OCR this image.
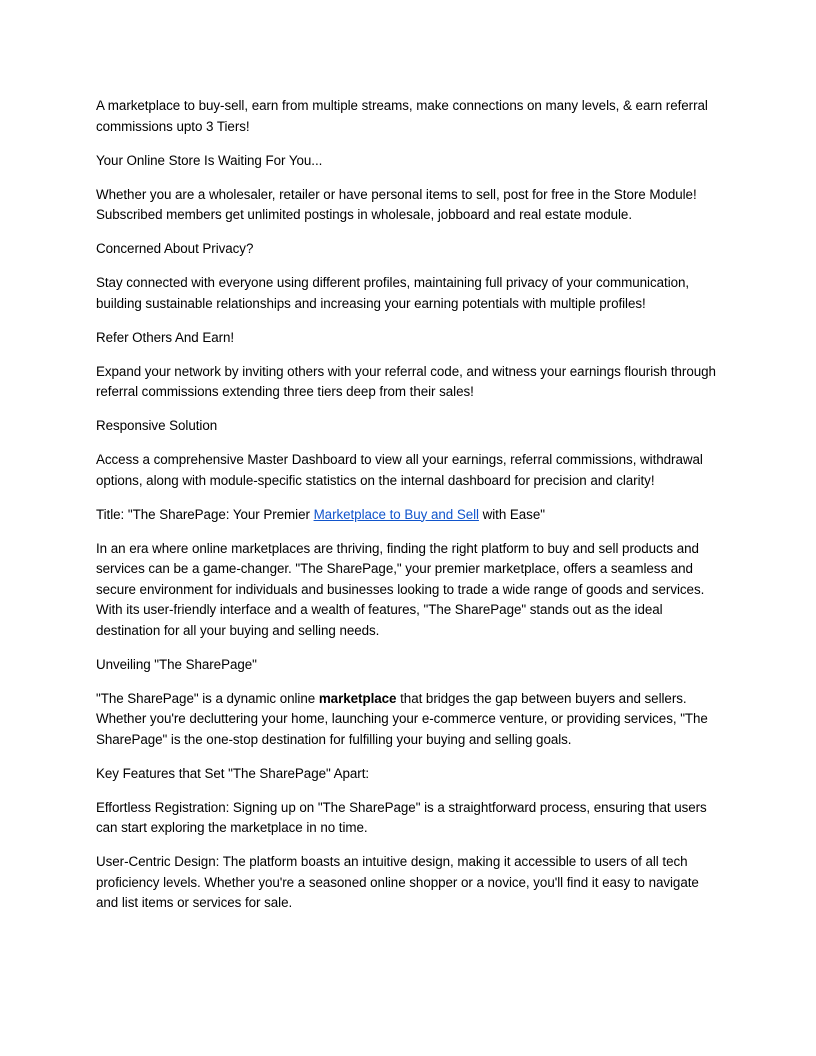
A marketplace to buy-sell, earn from multiple streams, make connections on many levels, & earn referral commissions upto 3 Tiers!

Your Online Store Is Waiting For You...

Whether you are a wholesaler, retailer or have personal items to sell, post for free in the Store Module! Subscribed members get unlimited postings in wholesale, jobboard and real estate module.

Concerned About Privacy?

Stay connected with everyone using different profiles, maintaining full privacy of your communication, building sustainable relationships and increasing your earning potentials with multiple profiles!

Refer Others And Earn!

Expand your network by inviting others with your referral code, and witness your earnings flourish through referral commissions extending three tiers deep from their sales!

Responsive Solution

Access a comprehensive Master Dashboard to view all your earnings, referral commissions, withdrawal options, along with module-specific statistics on the internal dashboard for precision and clarity!

Title: "The SharePage: Your Premier Marketplace to Buy and Sell with Ease"

In an era where online marketplaces are thriving, finding the right platform to buy and sell products and services can be a game-changer. "The SharePage," your premier marketplace, offers a seamless and secure environment for individuals and businesses looking to trade a wide range of goods and services. With its user-friendly interface and a wealth of features, "The SharePage" stands out as the ideal destination for all your buying and selling needs.

Unveiling "The SharePage"

"The SharePage" is a dynamic online marketplace that bridges the gap between buyers and sellers. Whether you're decluttering your home, launching your e-commerce venture, or providing services, "The SharePage" is the one-stop destination for fulfilling your buying and selling goals.

Key Features that Set "The SharePage" Apart:

Effortless Registration: Signing up on "The SharePage" is a straightforward process, ensuring that users can start exploring the marketplace in no time.

User-Centric Design: The platform boasts an intuitive design, making it accessible to users of all tech proficiency levels. Whether you're a seasoned online shopper or a novice, you'll find it easy to navigate and list items or services for sale.
